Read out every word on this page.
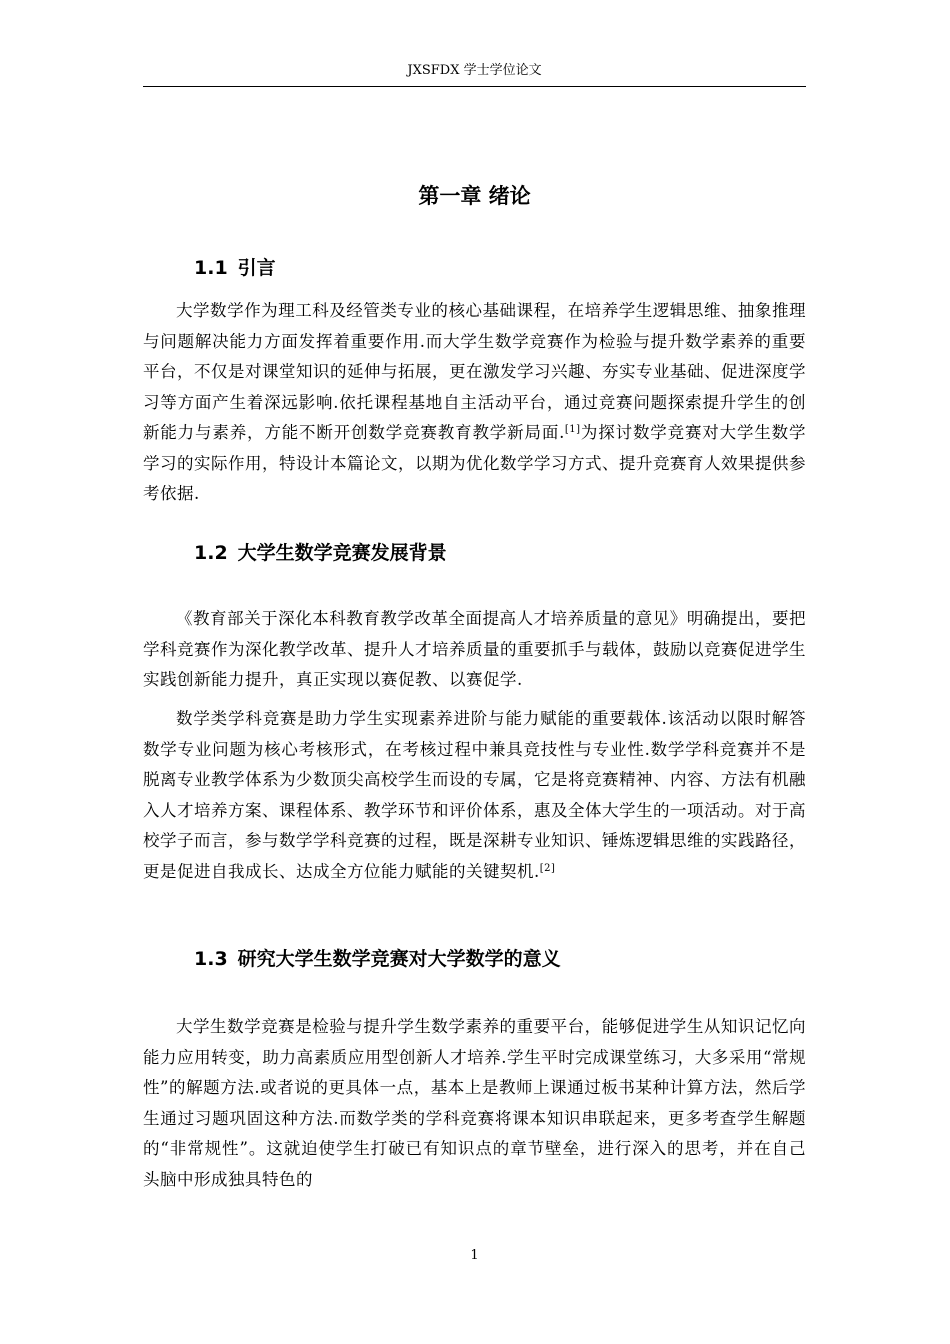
JXSFDX 学士学位论文
第一章 绪论
1.1 引言

大学数学作为理工科及经管类专业的核心基础课程，在培养学生逻辑思维、抽象推理与问题解决能力方面发挥着重要作用.而大学生数学竞赛作为检验与提升数学素养的重要平台，不仅是对课堂知识的延伸与拓展，更在激发学习兴趣、夯实专业基础、促进深度学习等方面产生着深远影响.依托课程基地自主活动平台，通过竞赛问题探索提升学生的创新能力与素养，方能不断开创数学竞赛教育教学新局面.[1]为探讨数学竞赛对大学生数学学习的实际作用，特设计本篇论文，以期为优化数学学习方式、提升竞赛育人效果提供参考依据.

1.2 大学生数学竞赛发展背景

《教育部关于深化本科教育教学改革全面提高人才培养质量的意见》明确提出，要把学科竞赛作为深化教学改革、提升人才培养质量的重要抓手与载体，鼓励以竞赛促进学生实践创新能力提升，真正实现以赛促教、以赛促学.

数学类学科竞赛是助力学生实现素养进阶与能力赋能的重要载体.该活动以限时解答数学专业问题为核心考核形式，在考核过程中兼具竞技性与专业性.数学学科竞赛并不是脱离专业教学体系为少数顶尖高校学生而设的专属，它是将竞赛精神、内容、方法有机融入人才培养方案、课程体系、教学环节和评价体系，惠及全体大学生的一项活动。对于高校学子而言，参与数学学科竞赛的过程，既是深耕专业知识、锤炼逻辑思维的实践路径，更是促进自我成长、达成全方位能力赋能的关键契机.[2]

1.3 研究大学生数学竞赛对大学数学的意义

大学生数学竞赛是检验与提升学生数学素养的重要平台，能够促进学生从知识记忆向能力应用转变，助力高素质应用型创新人才培养.学生平时完成课堂练习，大多采用“常规性”的解题方法.或者说的更具体一点，基本上是教师上课通过板书某种计算方法，然后学生通过习题巩固这种方法.而数学类的学科竞赛将课本知识串联起来，更多考查学生解题的“非常规性”。这就迫使学生打破已有知识点的章节壁垒，进行深入的思考，并在自己头脑中形成独具特色的

1
